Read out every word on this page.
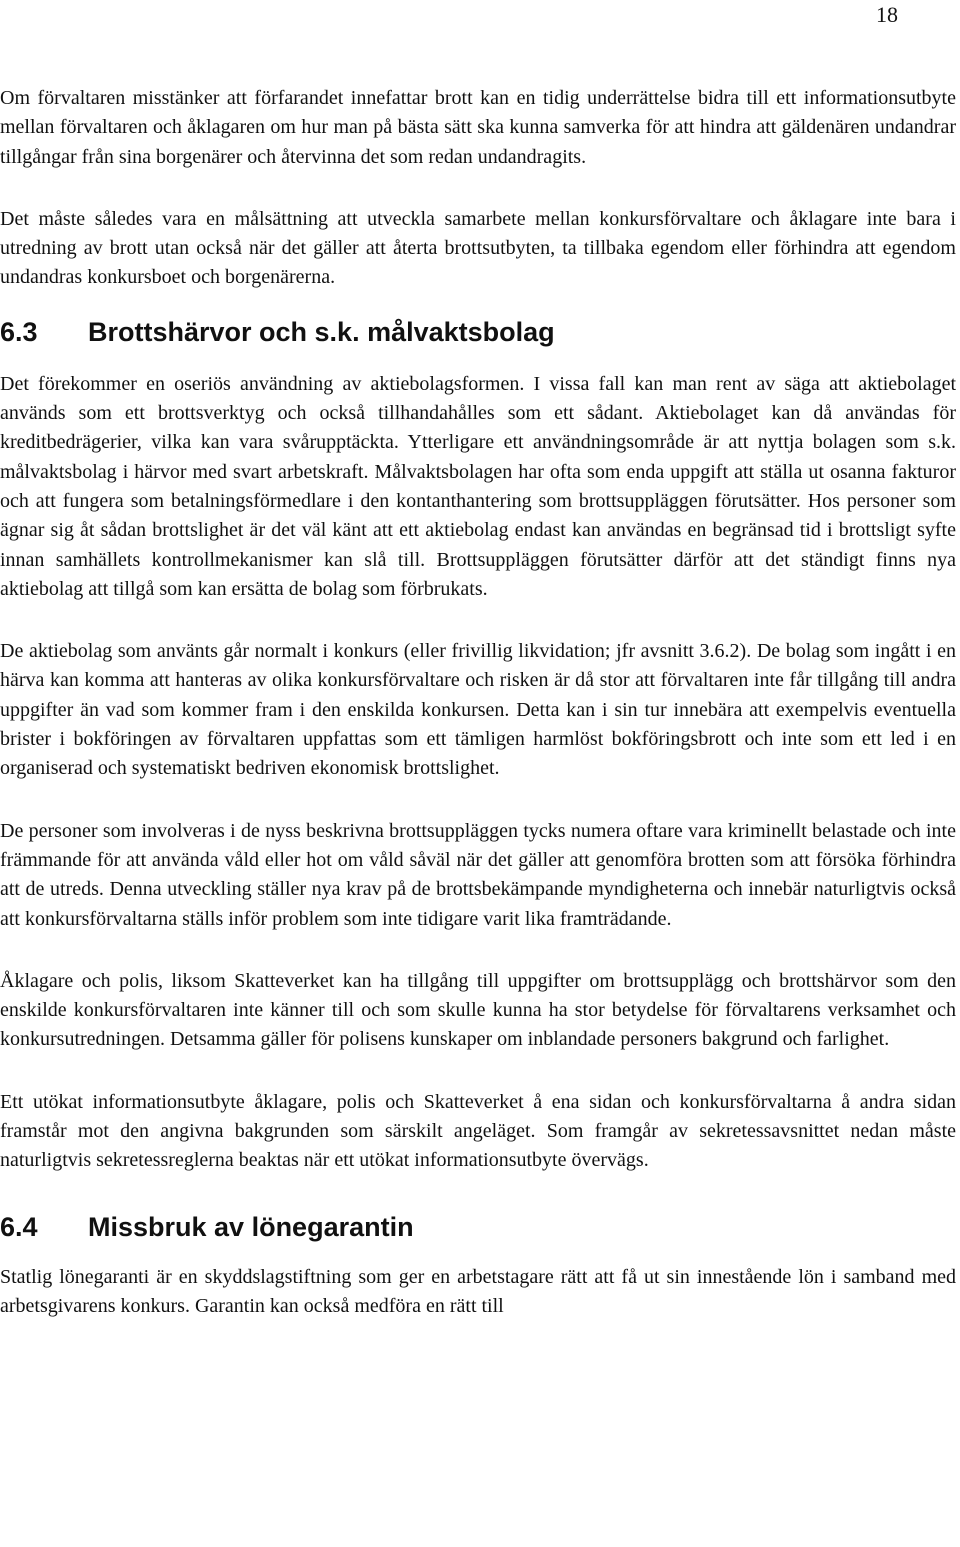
18

Om förvaltaren misstänker att förfarandet innefattar brott kan en tidig underrättelse bidra till ett informationsutbyte mellan förvaltaren och åklagaren om hur man på bästa sätt ska kunna samverka för att hindra att gäldenären undandrar tillgångar från sina borgenärer och återvinna det som redan undandragits.

Det måste således vara en målsättning att utveckla samarbete mellan konkursförvaltare och åklagare inte bara i utredning av brott utan också när det gäller att återta brottsutbyten, ta tillbaka egendom eller förhindra att egendom undandras konkursboet och borgenärerna.

6.3	Brottshärvor och s.k. målvaktsbolag

Det förekommer en oseriös användning av aktiebolagsformen. I vissa fall kan man rent av säga att aktiebolaget används som ett brottsverktyg och också tillhandahålles som ett sådant. Aktiebolaget kan då användas för kreditbedrägerier, vilka kan vara svårupptäckta. Ytterligare ett användningsområde är att nyttja bolagen som s.k. målvaktsbolag i härvor med svart arbetskraft. Målvaktsbolagen har ofta som enda uppgift att ställa ut osanna fakturor och att fungera som betalningsförmedlare i den kontanthantering som brottsuppläggen förutsätter. Hos personer som ägnar sig åt sådan brottslighet är det väl känt att ett aktiebolag endast kan användas en begränsad tid i brottsligt syfte innan samhällets kontrollmekanismer kan slå till. Brottsuppläggen förutsätter därför att det ständigt finns nya aktiebolag att tillgå som kan ersätta de bolag som förbrukats.

De aktiebolag som använts går normalt i konkurs (eller frivillig likvidation; jfr avsnitt 3.6.2). De bolag som ingått i en härva kan komma att hanteras av olika konkursförvaltare och risken är då stor att förvaltaren inte får tillgång till andra uppgifter än vad som kommer fram i den enskilda konkursen. Detta kan i sin tur innebära att exempelvis eventuella brister i bokföringen av förvaltaren uppfattas som ett tämligen harmlöst bokföringsbrott och inte som ett led i en organiserad och systematiskt bedriven ekonomisk brottslighet.

De personer som involveras i de nyss beskrivna brottsuppläggen tycks numera oftare vara kriminellt belastade och inte främmande för att använda våld eller hot om våld såväl när det gäller att genomföra brotten som att försöka förhindra att de utreds. Denna utveckling ställer nya krav på de brottsbekämpande myndigheterna och innebär naturligtvis också att konkursförvaltarna ställs inför problem som inte tidigare varit lika framträdande.

Åklagare och polis, liksom Skatteverket kan ha tillgång till uppgifter om brottsupplägg och brottshärvor som den enskilde konkursförvaltaren inte känner till och som skulle kunna ha stor betydelse för förvaltarens verksamhet och konkursutredningen. Detsamma gäller för polisens kunskaper om inblandade personers bakgrund och farlighet.

Ett utökat informationsutbyte åklagare, polis och Skatteverket å ena sidan och konkursförvaltarna å andra sidan framstår mot den angivna bakgrunden som särskilt angeläget. Som framgår av sekretessavsnittet nedan måste naturligtvis sekretessreglerna beaktas när ett utökat informationsutbyte övervägs.

6.4	Missbruk av lönegarantin

Statlig lönegaranti är en skyddslagstiftning som ger en arbetstagare rätt att få ut sin innestående lön i samband med arbetsgivarens konkurs. Garantin kan också medföra en rätt till
